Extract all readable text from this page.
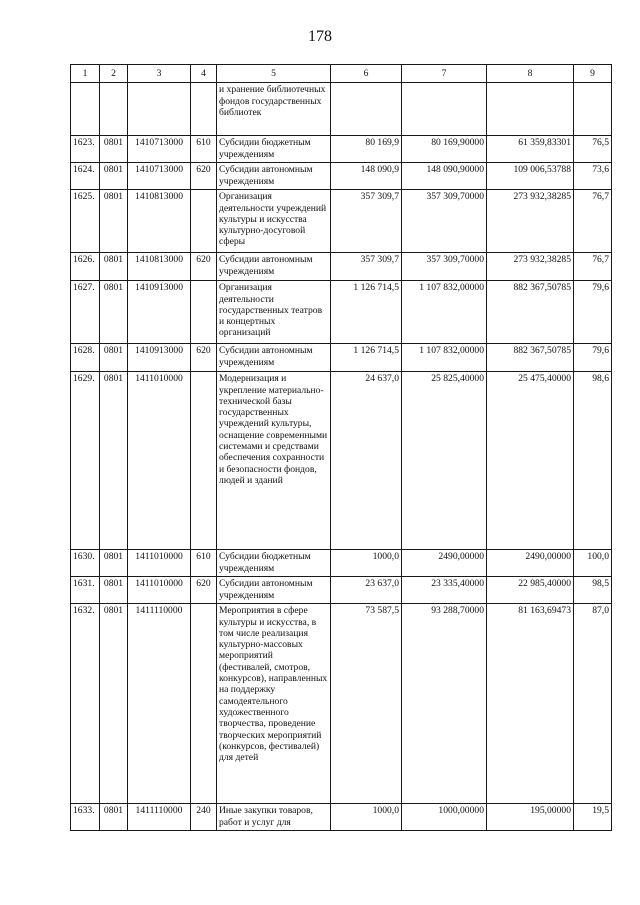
178
1	2	3	4	5	6	7	8	9
				и хранение библиотечных фондов государственных библиотек				
1623.	0801	1410713000	610	Субсидии бюджетным учреждениям	80 169,9	80 169,90000	61 359,83301	76,5
1624.	0801	1410713000	620	Субсидии автономным учреждениям	148 090,9	148 090,90000	109 006,53788	73,6
1625.	0801	1410813000		Организация деятельности учреждений культуры и искусства культурно-досуговой сферы	357 309,7	357 309,70000	273 932,38285	76,7
1626.	0801	1410813000	620	Субсидии автономным учреждениям	357 309,7	357 309,70000	273 932,38285	76,7
1627.	0801	1410913000		Организация деятельности государственных театров и концертных организаций	1 126 714,5	1 107 832,00000	882 367,50785	79,6
1628.	0801	1410913000	620	Субсидии автономным учреждениям	1 126 714,5	1 107 832,00000	882 367,50785	79,6
1629.	0801	1411010000		Модернизация и укрепление материально-технической базы государственных учреждений культуры, оснащение современными системами и средствами обеспечения сохранности и безопасности фондов, людей и зданий	24 637,0	25 825,40000	25 475,40000	98,6
1630.	0801	1411010000	610	Субсидии бюджетным учреждениям	1000,0	2490,00000	2490,00000	100,0
1631.	0801	1411010000	620	Субсидии автономным учреждениям	23 637,0	23 335,40000	22 985,40000	98,5
1632.	0801	1411110000		Мероприятия в сфере культуры и искусства, в том числе реализация культурно-массовых мероприятий (фестивалей, смотров, конкурсов), направленных на поддержку самодеятельного художественного творчества, проведение творческих мероприятий (конкурсов, фестивалей) для детей	73 587,5	93 288,70000	81 163,69473	87,0
1633.	0801	1411110000	240	Иные закупки товаров, работ и услуг для	1000,0	1000,00000	195,00000	19,5
